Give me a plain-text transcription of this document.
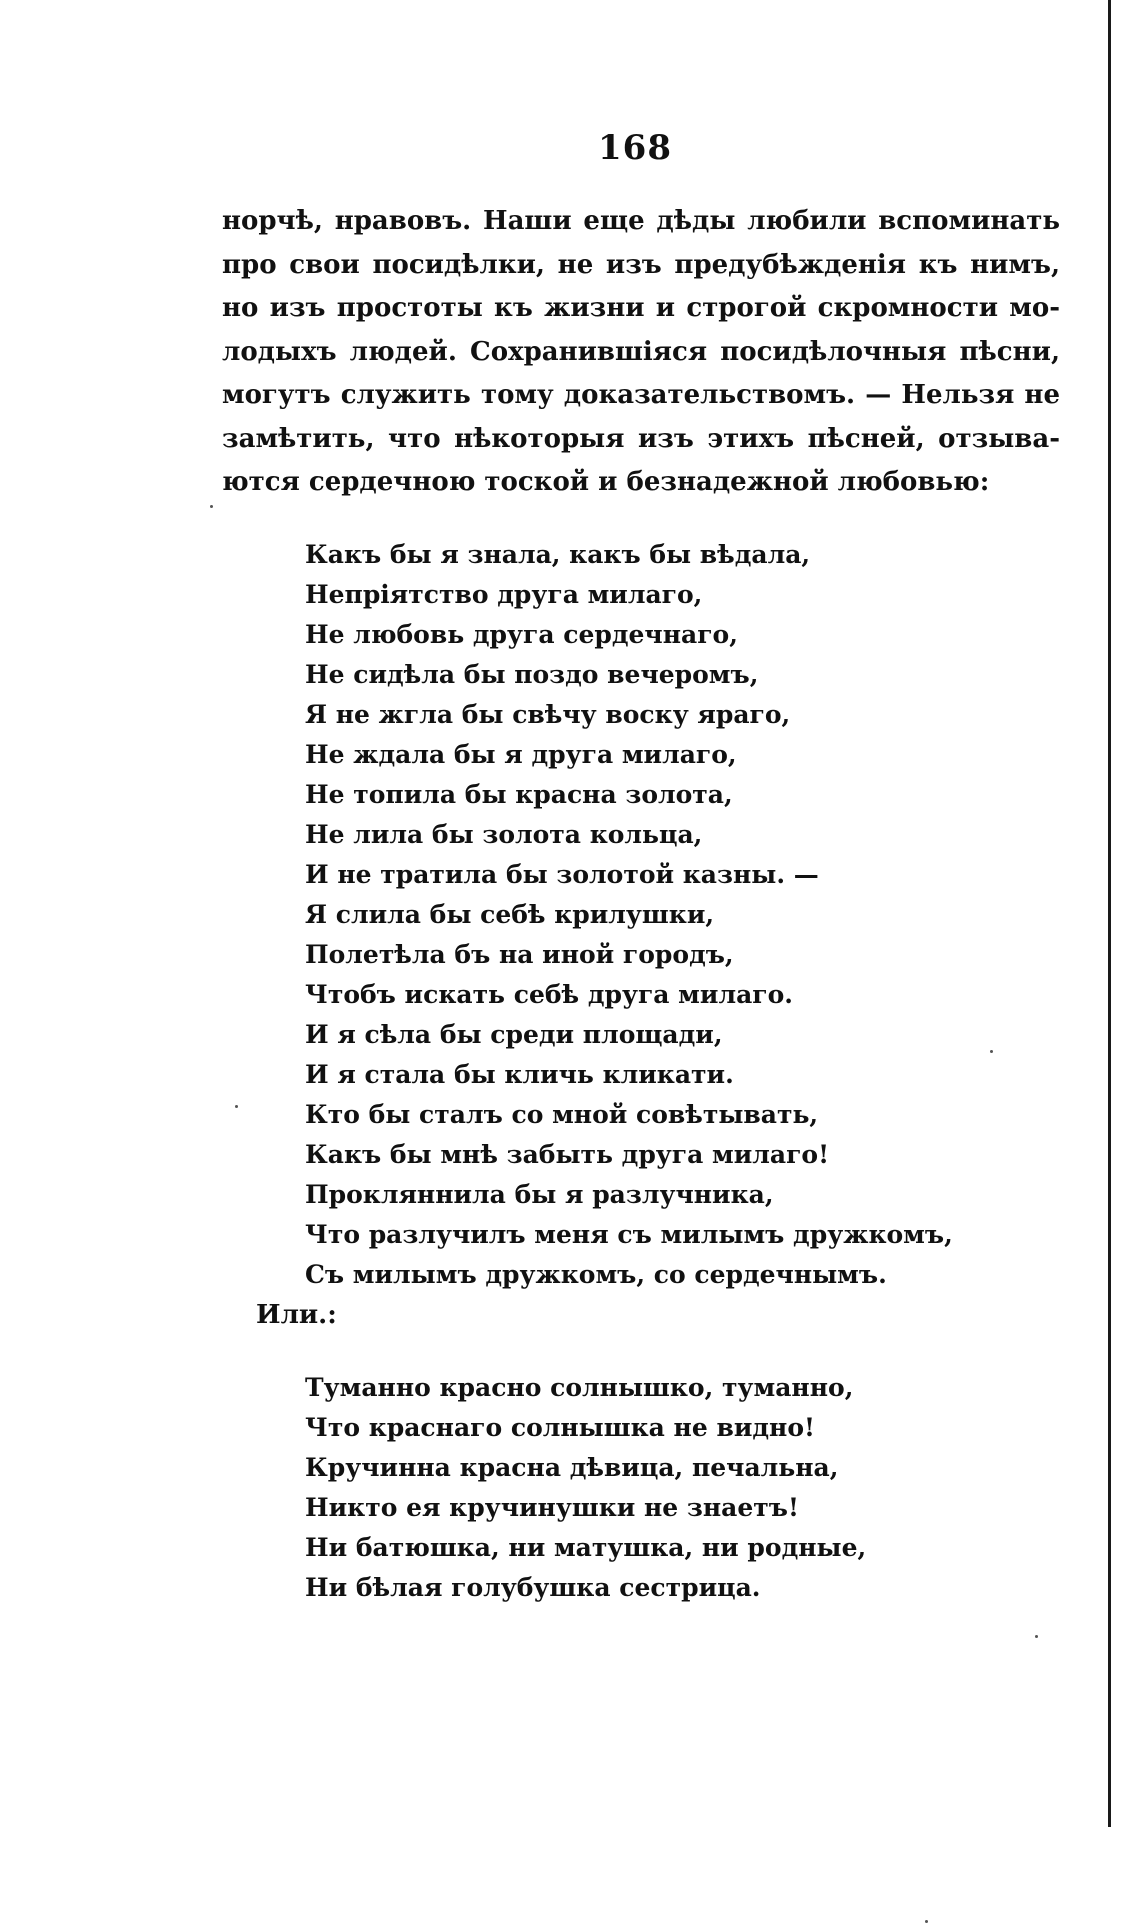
168
норчѣ, нравовъ. Наши еще дѣды любили вспоминать
про свои посидѣлки, не изъ предубѣжденія къ нимъ,
но изъ простоты къ жизни и строгой скромности мо-
лодыхъ людей. Сохранившіяся посидѣлочныя пѣсни,
могутъ служить тому доказательствомъ. — Нельзя не
замѣтить, что нѣкоторыя изъ этихъ пѣсней, отзыва-
ются сердечною тоской и безнадежной любовью:
Какъ бы я знала, какъ бы вѣдала,
Непріятство друга милаго,
Не любовь друга сердечнаго,
Не сидѣла бы поздо вечеромъ,
Я не жгла бы свѣчу воску яраго,
Не ждала бы я друга милаго,
Не топила бы красна золота,
Не лила бы золота кольца,
И не тратила бы золотой казны. —
Я слила бы себѣ крилушки,
Полетѣла бъ на иной городъ,
Чтобъ искать себѣ друга милаго.
И я сѣла бы среди площади,
И я стала бы кличь кликати.
Кто бы сталъ со мной совѣтывать,
Какъ бы мнѣ забыть друга милаго!
Прокляннила бы я разлучника,
Что разлучилъ меня съ милымъ дружкомъ,
Съ милымъ дружкомъ, со сердечнымъ.
Или.:
Туманно красно солнышко, туманно,
Что краснаго солнышка не видно!
Кручинна красна дѣвица, печальна,
Никто ея кручинушки не знаетъ!
Ни батюшка, ни матушка, ни родные,
Ни бѣлая голубушка сестрица.
